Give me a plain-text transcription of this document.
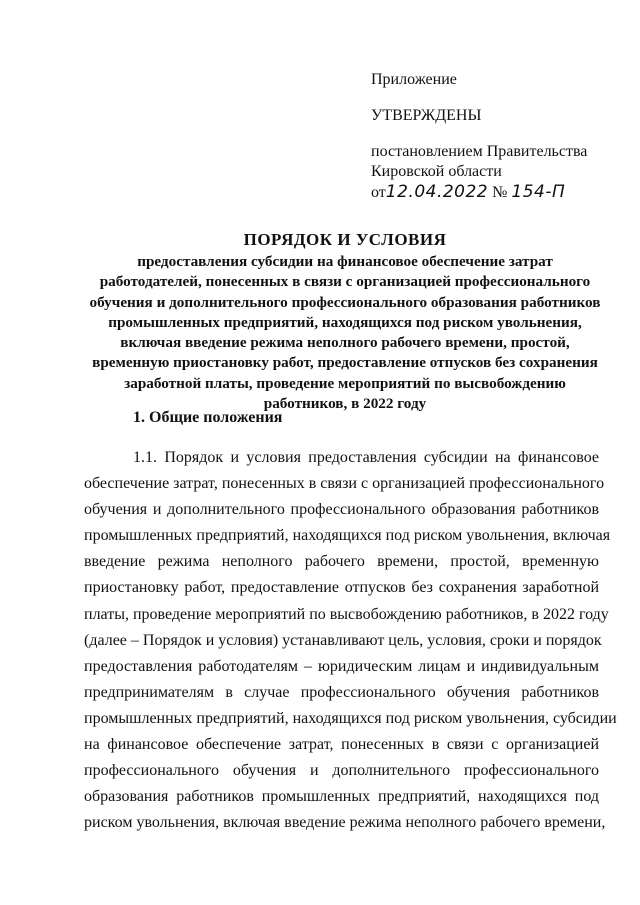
Приложение
УТВЕРЖДЕНЫ
постановлением Правительства
Кировской области
от12.04.2022 № 154-П
ПОРЯДОК И УСЛОВИЯ
предоставления субсидии на финансовое обеспечение затрат
работодателей, понесенных в связи с организацией профессионального
обучения и дополнительного профессионального образования работников
промышленных предприятий, находящихся под риском увольнения,
включая введение режима неполного рабочего времени, простой,
временную приостановку работ, предоставление отпусков без сохранения
заработной платы, проведение мероприятий по высвобождению
работников, в 2022 году
1. Общие положения
1.1. Порядок и условия предоставления субсидии на финансовое
обеспечение затрат, понесенных в связи с организацией профессионального
обучения и дополнительного профессионального образования работников
промышленных предприятий, находящихся под риском увольнения, включая
введение режима неполного рабочего времени, простой, временную
приостановку работ, предоставление отпусков без сохранения заработной
платы, проведение мероприятий по высвобождению работников, в 2022 году
(далее – Порядок и условия) устанавливают цель, условия, сроки и порядок
предоставления работодателям – юридическим лицам и индивидуальным
предпринимателям в случае профессионального обучения работников
промышленных предприятий, находящихся под риском увольнения, субсидии
на финансовое обеспечение затрат, понесенных в связи с организацией
профессионального обучения и дополнительного профессионального
образования работников промышленных предприятий, находящихся под
риском увольнения, включая введение режима неполного рабочего времени,
